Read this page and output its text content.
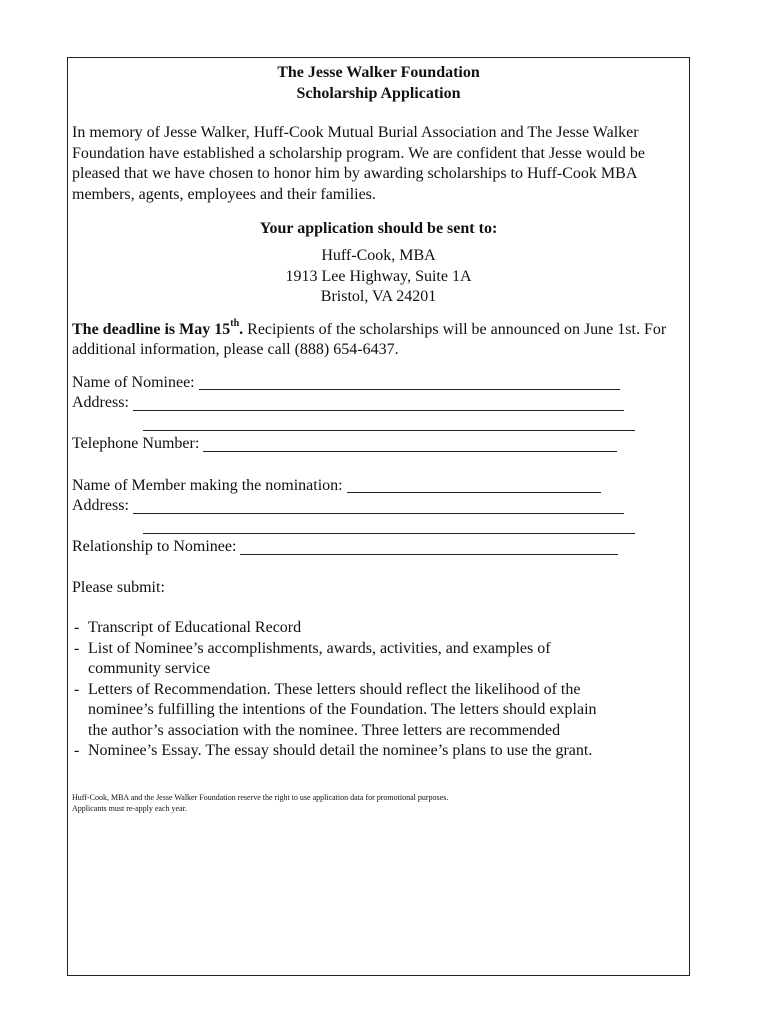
The Jesse Walker Foundation
Scholarship Application

In memory of Jesse Walker, Huff-Cook Mutual Burial Association and The Jesse Walker Foundation have established a scholarship program. We are confident that Jesse would be pleased that we have chosen to honor him by awarding scholarships to Huff-Cook MBA members, agents, employees and their families.

Your application should be sent to:
Huff-Cook, MBA
1913 Lee Highway, Suite 1A
Bristol, VA 24201

The deadline is May 15th. Recipients of the scholarships will be announced on June 1st. For additional information, please call (888) 654-6437.

Name of Nominee:
Address:
Telephone Number:
Name of Member making the nomination:
Address:
Relationship to Nominee:
Please submit:
- Transcript of Educational Record
- List of Nominee’s accomplishments, awards, activities, and examples of community service
- Letters of Recommendation. These letters should reflect the likelihood of the nominee’s fulfilling the intentions of the Foundation. The letters should explain the author’s association with the nominee. Three letters are recommended
- Nominee’s Essay. The essay should detail the nominee’s plans to use the grant.
Huff-Cook, MBA and the Jesse Walker Foundation reserve the right to use application data for promotional purposes.
Applicants must re-apply each year.
